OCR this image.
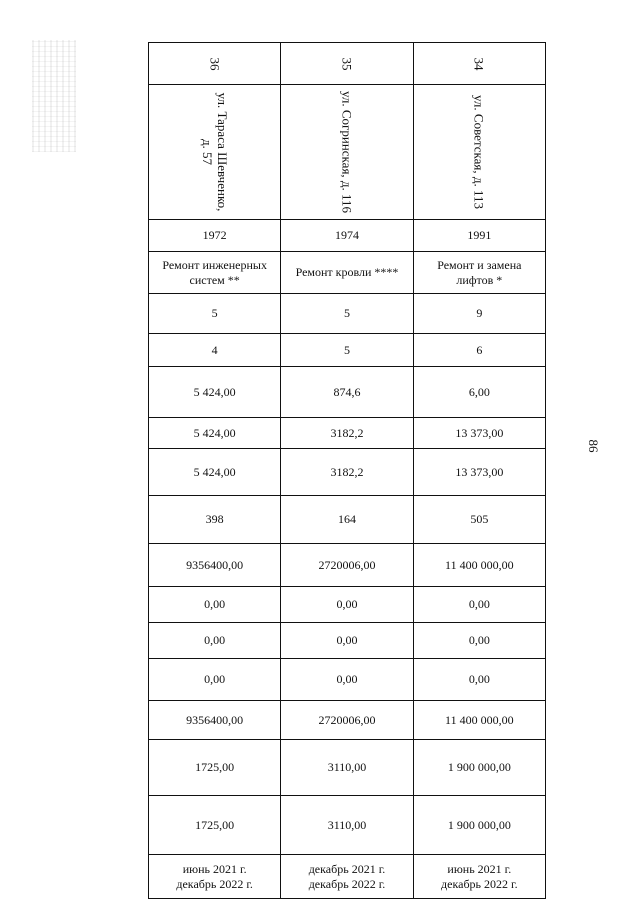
36	35	34

ул. Тараса Шевченко, д. 57	ул. Согринская, д. 116	ул. Советская, д. 113

1972	1974	1991
Ремонт инженерных систем **	Ремонт кровли ****	Ремонт и замена лифтов *
5	5	9
4	5	6
5 424,00	874,6	6,00
5 424,00	3182,2	13 373,00
5 424,00	3182,2	13 373,00
398	164	505
9356400,00	2720006,00	11 400 000,00
0,00	0,00	0,00
0,00	0,00	0,00
0,00	0,00	0,00
9356400,00	2720006,00	11 400 000,00
1725,00	3110,00	1 900 000,00
1725,00	3110,00	1 900 000,00
июнь 2021 г. декабрь 2022 г.	декабрь 2021 г. декабрь 2022 г.	июнь 2021 г. декабрь 2022 г.
86
